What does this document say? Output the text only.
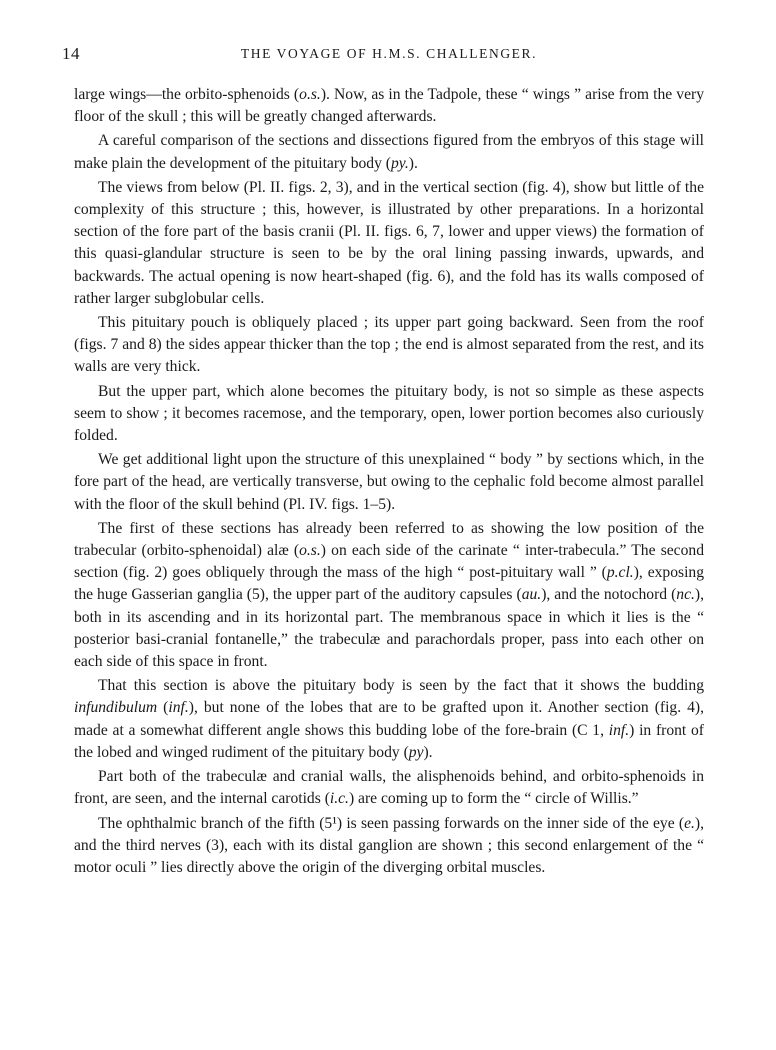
14	THE VOYAGE OF H.M.S. CHALLENGER.

large wings—the orbito-sphenoids (o.s.). Now, as in the Tadpole, these “ wings ” arise from the very floor of the skull ; this will be greatly changed afterwards.

A careful comparison of the sections and dissections figured from the embryos of this stage will make plain the development of the pituitary body (py.).

The views from below (Pl. II. figs. 2, 3), and in the vertical section (fig. 4), show but little of the complexity of this structure ; this, however, is illustrated by other preparations. In a horizontal section of the fore part of the basis cranii (Pl. II. figs. 6, 7, lower and upper views) the formation of this quasi-glandular structure is seen to be by the oral lining passing inwards, upwards, and backwards. The actual opening is now heart-shaped (fig. 6), and the fold has its walls composed of rather larger subglobular cells.

This pituitary pouch is obliquely placed ; its upper part going backward. Seen from the roof (figs. 7 and 8) the sides appear thicker than the top ; the end is almost separated from the rest, and its walls are very thick.

But the upper part, which alone becomes the pituitary body, is not so simple as these aspects seem to show ; it becomes racemose, and the temporary, open, lower portion becomes also curiously folded.

We get additional light upon the structure of this unexplained “ body ” by sections which, in the fore part of the head, are vertically transverse, but owing to the cephalic fold become almost parallel with the floor of the skull behind (Pl. IV. figs. 1–5).

The first of these sections has already been referred to as showing the low position of the trabecular (orbito-sphenoidal) alæ (o.s.) on each side of the carinate “ inter-trabecula.” The second section (fig. 2) goes obliquely through the mass of the high “ post-pituitary wall ” (p.cl.), exposing the huge Gasserian ganglia (5), the upper part of the auditory capsules (au.), and the notochord (nc.), both in its ascending and in its horizontal part. The membranous space in which it lies is the “ posterior basi-cranial fontanelle,” the trabeculæ and parachordals proper, pass into each other on each side of this space in front.

That this section is above the pituitary body is seen by the fact that it shows the budding infundibulum (inf.), but none of the lobes that are to be grafted upon it. Another section (fig. 4), made at a somewhat different angle shows this budding lobe of the fore-brain (C 1, inf.) in front of the lobed and winged rudiment of the pituitary body (py).

Part both of the trabeculæ and cranial walls, the alisphenoids behind, and orbito-sphenoids in front, are seen, and the internal carotids (i.c.) are coming up to form the “ circle of Willis.”

The ophthalmic branch of the fifth (5¹) is seen passing forwards on the inner side of the eye (e.), and the third nerves (3), each with its distal ganglion are shown ; this second enlargement of the “ motor oculi ” lies directly above the origin of the diverging orbital muscles.
